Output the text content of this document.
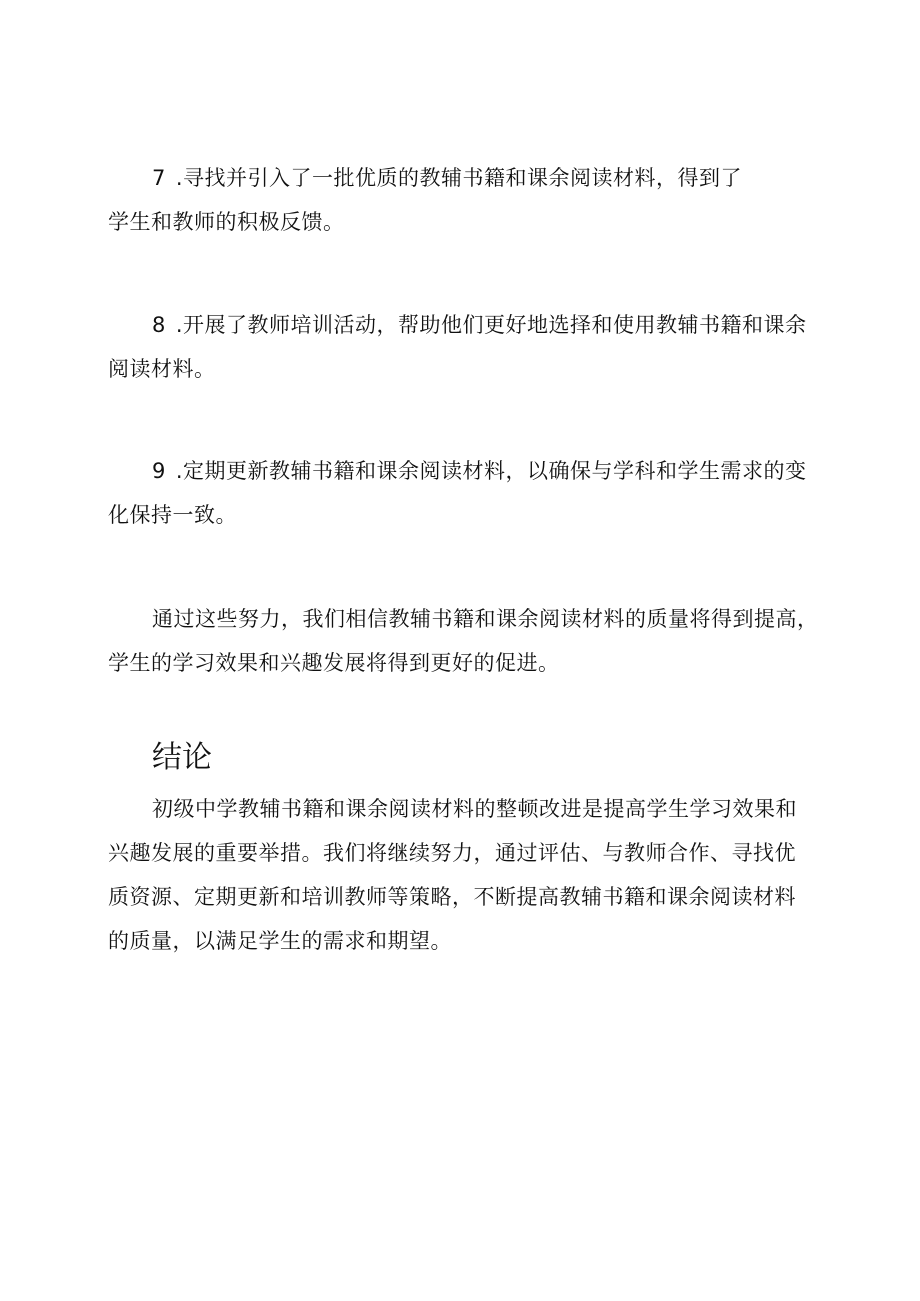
7 .寻找并引入了一批优质的教辅书籍和课余阅读材料，得到了
学生和教师的积极反馈。
8 .开展了教师培训活动，帮助他们更好地选择和使用教辅书籍和课余
阅读材料。
9 .定期更新教辅书籍和课余阅读材料，以确保与学科和学生需求的变
化保持一致。
通过这些努力，我们相信教辅书籍和课余阅读材料的质量将得到提高，
学生的学习效果和兴趣发展将得到更好的促进。
结论
初级中学教辅书籍和课余阅读材料的整顿改进是提高学生学习效果和
兴趣发展的重要举措。我们将继续努力，通过评估、与教师合作、寻找优
质资源、定期更新和培训教师等策略，不断提高教辅书籍和课余阅读材料
的质量，以满足学生的需求和期望。
